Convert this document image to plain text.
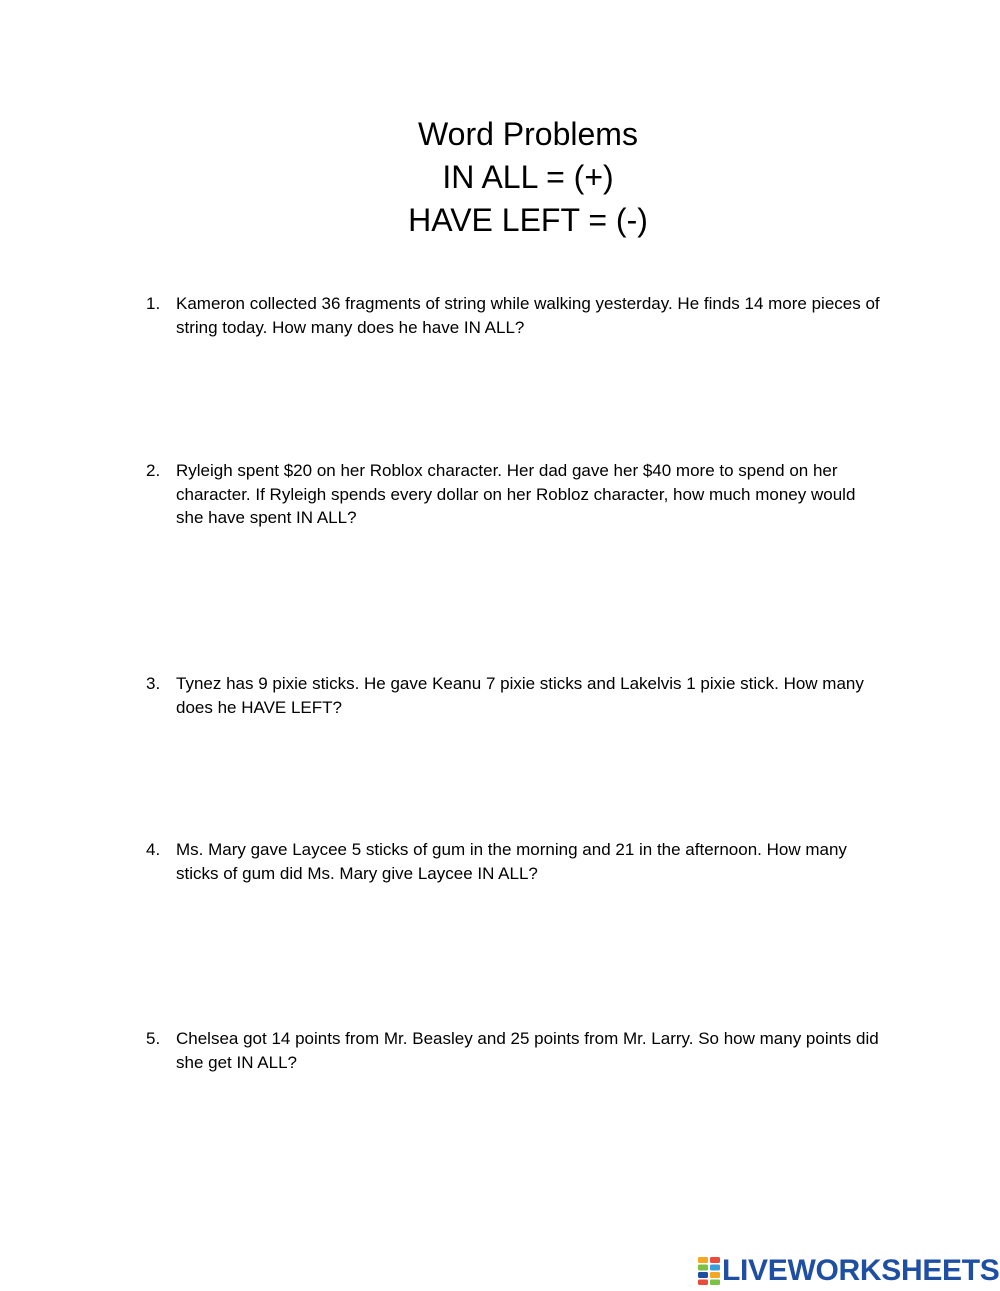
Word Problems
IN ALL = (+)
HAVE LEFT = (-)
1. Kameron collected 36 fragments of string while walking yesterday. He finds 14 more pieces of string today. How many does he have IN ALL?
2. Ryleigh spent $20 on her Roblox character. Her dad gave her $40 more to spend on her character. If Ryleigh spends every dollar on her Robloz character, how much money would she have spent IN ALL?
3. Tynez has 9 pixie sticks. He gave Keanu 7 pixie sticks and Lakelvis 1 pixie stick. How many does he HAVE LEFT?
4. Ms. Mary gave Laycee 5 sticks of gum in the morning and 21 in the afternoon. How many sticks of gum did Ms. Mary give Laycee IN ALL?
5. Chelsea got 14 points from Mr. Beasley and 25 points from Mr. Larry. So how many points did she get IN ALL?
LIVEWORKSHEETS
